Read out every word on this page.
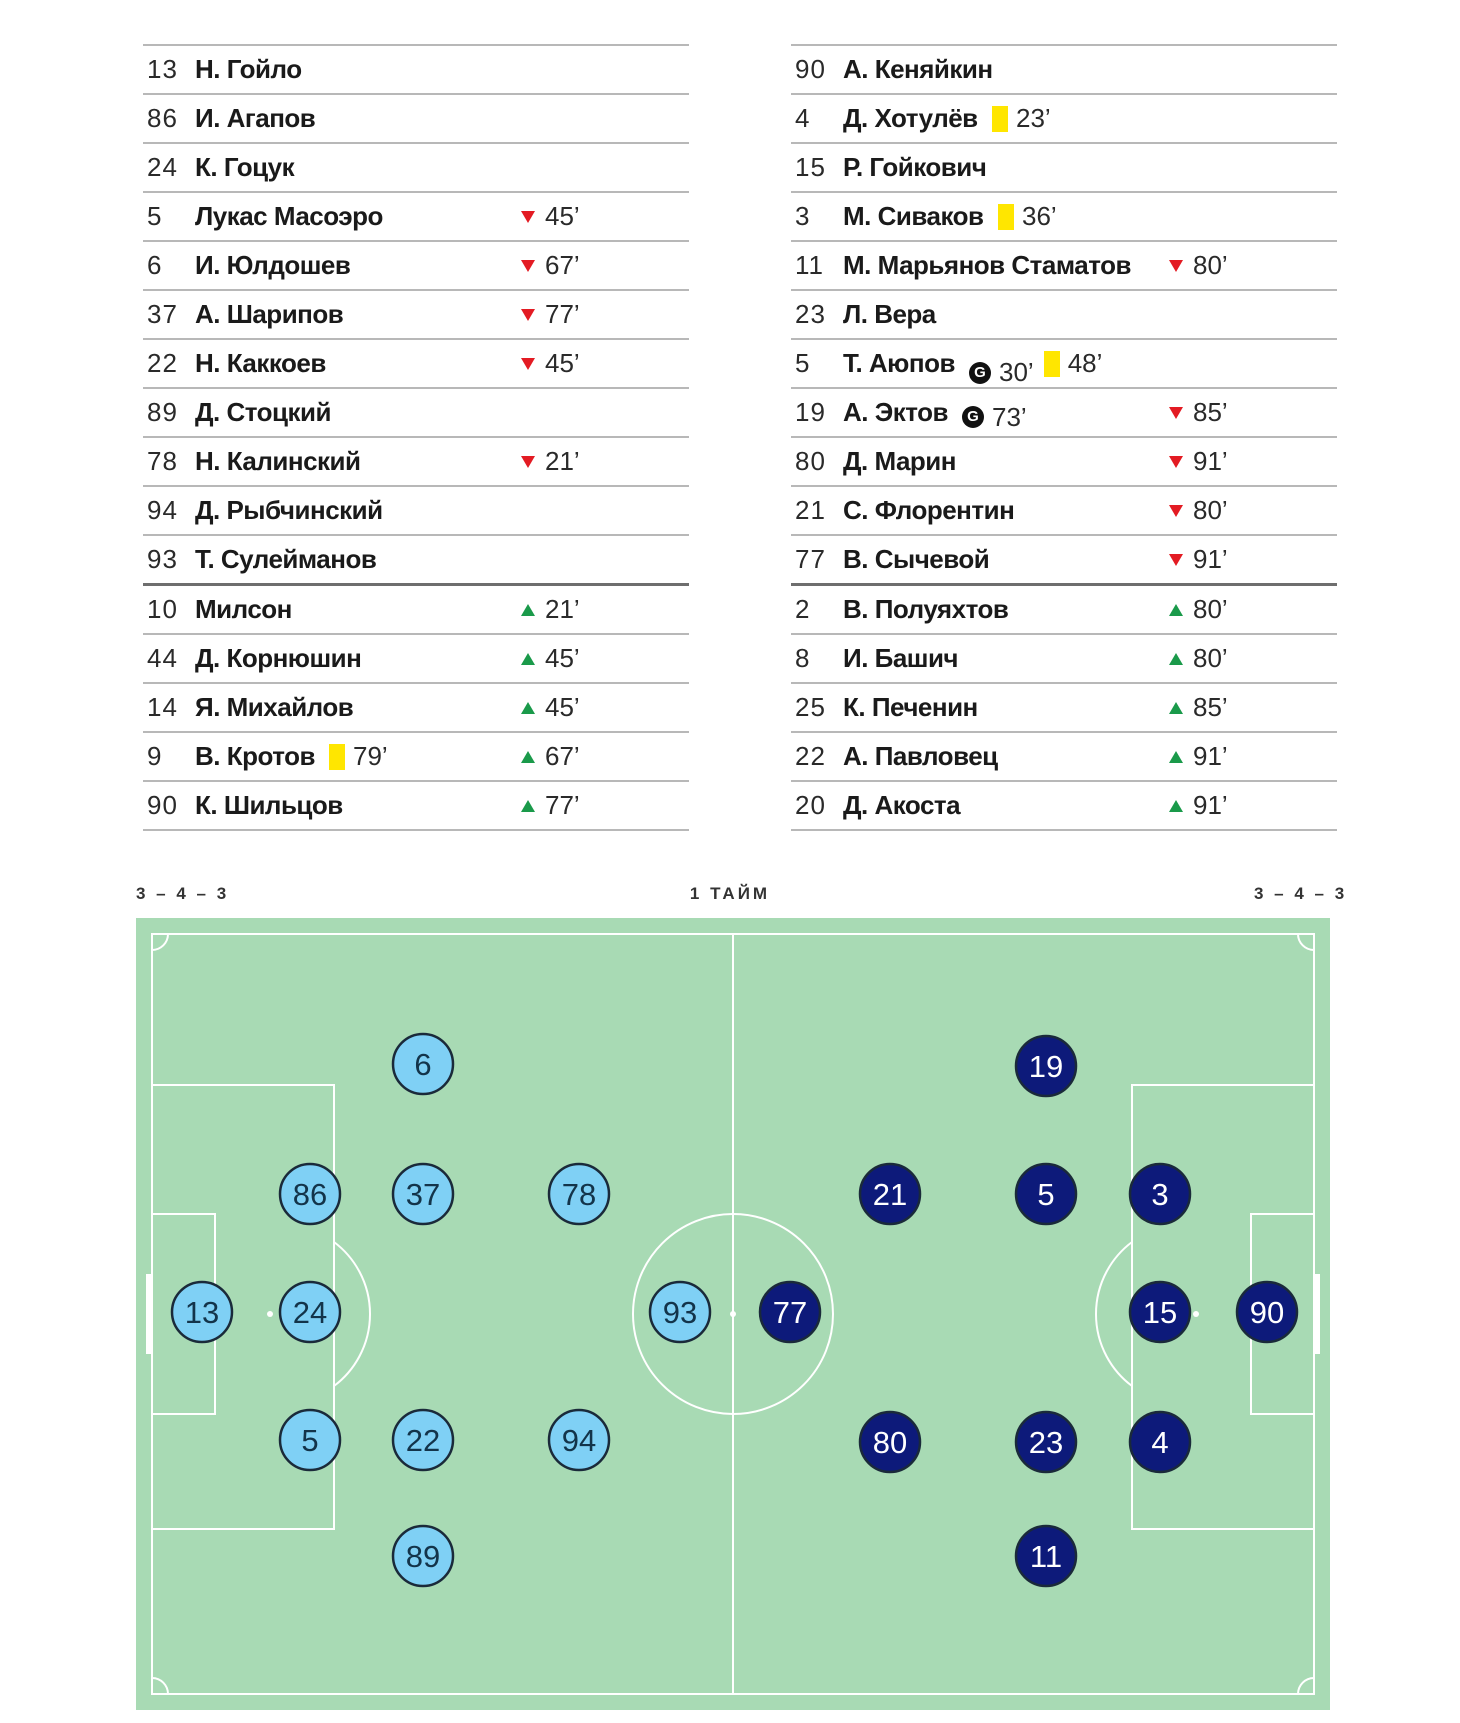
13 Н. Гойло
86 И. Агапов
24 К. Гоцук
5 Лукас Масоэро	45’
6 И. Юлдошев	67’
37 А. Шарипов	77’
22 Н. Каккоев	45’
89 Д. Стоцкий
78 Н. Калинский	21’
94 Д. Рыбчинский
93 Т. Сулейманов
10 Милсон	21’
44 Д. Корнюшин	45’
14 Я. Михайлов	45’
9 В. Кротов 79’	67’
90 К. Шильцов	77’
90 А. Кеняйкин
4 Д. Хотулёв 23’
15 Р. Гойкович
3 М. Сиваков 36’
11 М. Марьянов Стаматов 80’
23 Л. Вера
5 Т. Аюпов	G 30’ 48’
19 А. Эктов	G 73’	85’
80 Д. Марин	91’
21 С. Флорентин	80’
77 В. Сычевой	91’
2 В. Полуяхтов	80’
8 И. Башич	80’
25 К. Печенин	85’
22 А. Павловец	91’
20 Д. Акоста	91’
3 – 4 – 3	1 ТАЙМ	3 – 4 – 3
13
86
24
5
6
37
22
89
78
94
93	90
4
15
3
11
23
5
19
80
21
77
